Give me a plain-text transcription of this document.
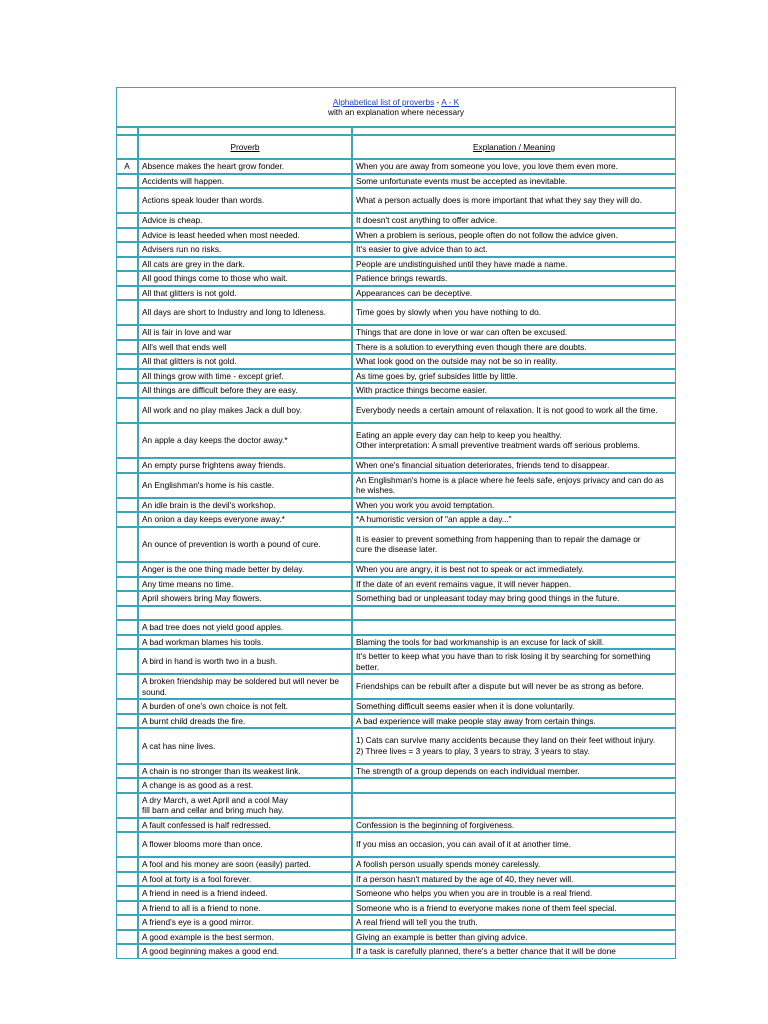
Alphabetical list of proverbs - A - K
with an explanation where necessary		

	Proverb	Explanation / Meaning
A	Absence makes the heart grow fonder.	When you are away from someone you love, you love them even more.
	Accidents will happen.	Some unfortunate events must be accepted as inevitable.
	Actions speak louder than words.	What a person actually does is more important that what they say they will do.
	Advice is cheap.	It doesn't cost anything to offer advice.
	Advice is least heeded when most needed.	When a problem is serious, people often do not follow the advice given.
	Advisers run no risks.	It's easier to give advice than to act.
	All cats are grey in the dark.	People are undistinguished until they have made a name.
	All good things come to those who wait.	Patience brings rewards.
	All that glitters is not gold.	Appearances can be deceptive.
	All days are short to Industry and long to Idleness.	Time goes by slowly when you have nothing to do.
	All is fair in love and war	Things that are done in love or war can often be excused.
	All's well that ends well	There is a solution to everything even though there are doubts.
	All that glitters is not gold.	What look good on the outside may not be so in reality.
	All things grow with time - except grief.	As time goes by, grief subsides little by little.
	All things are difficult before they are easy.	With practice things become easier.
	All work and no play makes Jack a dull boy.	Everybody needs a certain amount of relaxation. It is not good to work all the time.
	An apple a day keeps the doctor away.*	Eating an apple every day can help to keep you healthy.
Other interpretation: A small preventive treatment wards off serious problems.
	An empty purse frightens away friends.	When one's financial situation deteriorates, friends tend to disappear.
	An Englishman's home is his castle.	An Englishman's home is a place where he feels safe, enjoys privacy and can do as he wishes.
	An idle brain is the devil's workshop.	When you work you avoid temptation.
	An onion a day keeps everyone away.*	*A humoristic version of "an apple a day..."
	An ounce of prevention is worth a pound of cure.	It is easier to prevent something from happening than to repair the damage or
cure the disease later.
	Anger is the one thing made better by delay.	When you are angry, it is best not to speak or act immediately.
	Any time means no time.	If the date of an event remains vague, it will never happen.
	April showers bring May flowers.	Something bad or unpleasant today may bring good things in the future.

	A bad tree does not yield good apples.	
	A bad workman blames his tools.	Blaming the tools for bad workmanship is an excuse for lack of skill.
	A bird in hand is worth two in a bush.	It's better to keep what you have than to risk losing it by searching for something better.
	A broken friendship may be soldered but will never be sound.	Friendships can be rebuilt after a dispute but will never be as strong as before.
	A burden of one's own choice is not felt.	Something difficult seems easier when it is done voluntarily.
	A burnt child dreads the fire.	A bad experience will make people stay away from certain things.
	A cat has nine lives.	1) Cats can survive many accidents because they land on their feet without injury.
2) Three lives = 3 years to play, 3 years to stray, 3 years to stay.
	A chain is no stronger than its weakest link.	The strength of a group depends on each individual member.
	A change is as good as a rest.	
	A dry March, a wet April and a cool May
fill barn and cellar and bring much hay.	
	A fault confessed is half redressed.	Confession is the beginning of forgiveness.
	A flower blooms more than once.	If you miss an occasion, you can avail of it at another time.
	A fool and his money are soon (easily) parted.	A foolish person usually spends money carelessly.
	A fool at forty is a fool forever.	If a person hasn't matured by the age of 40, they never will.
	A friend in need is a friend indeed.	Someone who helps you when you are in trouble is a real friend.
	A friend to all is a friend to none.	Someone who is a friend to everyone makes none of them feel special.
	A friend's eye is a good mirror.	A real friend will tell you the truth.
	A good example is the best sermon.	Giving an example is better than giving advice.
	A good beginning makes a good end.	If a task is carefully planned, there's a better chance that it will be done
